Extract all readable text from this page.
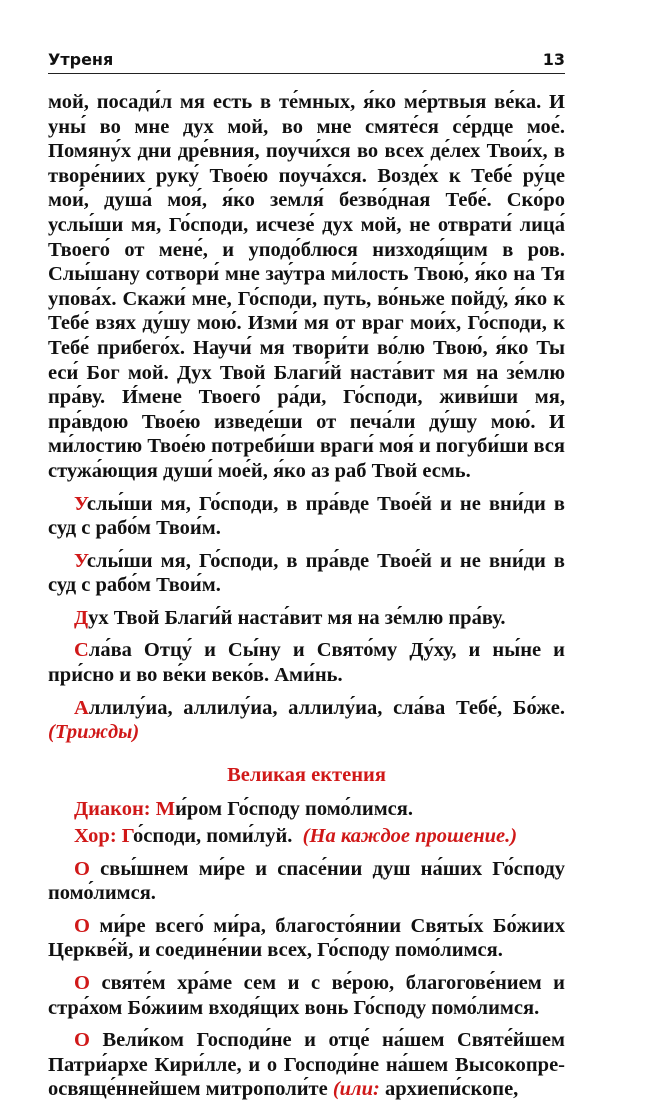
Утреня	13

мой, посади́л мя есть в те́мных, я́ко ме́ртвыя ве́ка. И уны́ во мне дух мой, во мне смяте́ся се́рдце мое́. Помяну́х дни дре́вния, поучи́хся во всех де́лех Твои́х, в творе́ниих руку́ Твое́ю поуча́хся. Возде́х к Тебе́ ру́це мои́, душа́ моя́, я́ко земля́ безво́дная Тебе́. Ско́ро услы́ши мя, Го́споди, исчезе́ дух мой, не отврати́ лица́ Твоего́ от мене́, и уподо́блюся низходя́щим в ров. Слы́шану сотвори́ мне зау́тра ми́лость Твою́, я́ко на Тя упова́х. Скажи́ мне, Го́споди, путь, во́ньже пойду́, я́ко к Тебе́ взях ду́шу мою́. Изми́ мя от враг мои́х, Го́споди, к Тебе́ прибего́х. Научи́ мя твори́ти во́лю Твою́, я́ко Ты еси́ Бог мой. Дух Твой Благи́й наста́вит мя на зе́млю пра́ву. И́мене Твоего́ ра́ди, Го́споди, живи́ши мя, пра́вдою Твое́ю изведе́ши от печа́ли ду́шу мою́. И ми́лостию Твое́ю потреби́ши враги́ моя́ и погуби́ши вся стужа́ющия души́ мое́й, я́ко аз раб Твой есмь.

Услы́ши мя, Го́споди, в пра́вде Твое́й и не вни́ди в суд с рабо́м Твои́м.

Услы́ши мя, Го́споди, в пра́вде Твое́й и не вни́ди в суд с рабо́м Твои́м.

Дух Твой Благи́й наста́вит мя на зе́млю пра́ву.

Сла́ва Отцу́ и Сы́ну и Свято́му Ду́ху, и ны́не и при́сно и во ве́ки веко́в. Ами́нь.

Аллилу́иа, аллилу́иа, аллилу́иа, сла́ва Тебе́, Бо́же. (Трижды)

Великая ектения

Диакон: Ми́ром Го́споду помо́лимся.

Хор: Го́споди, поми́луй. (На каждое прошение.)

О свы́шнем ми́ре и спасе́нии душ на́ших Го́споду помо́лимся.

О ми́ре всего́ ми́ра, благосто́янии Святы́х Бо́жиих Церкве́й, и соедине́нии всех, Го́споду помо́лимся.

О святе́м хра́ме сем и с ве́рою, благогове́нием и стра́хом Бо́жиим входя́щих вонь Го́споду помо́лимся.

О Вели́ком Господи́не и отце́ на́шем Святе́йшем Патри́архе Кири́лле, и о Господи́не на́шем Высокопреосвяще́ннейшем митрополи́те (или: архиепи́скопе,
